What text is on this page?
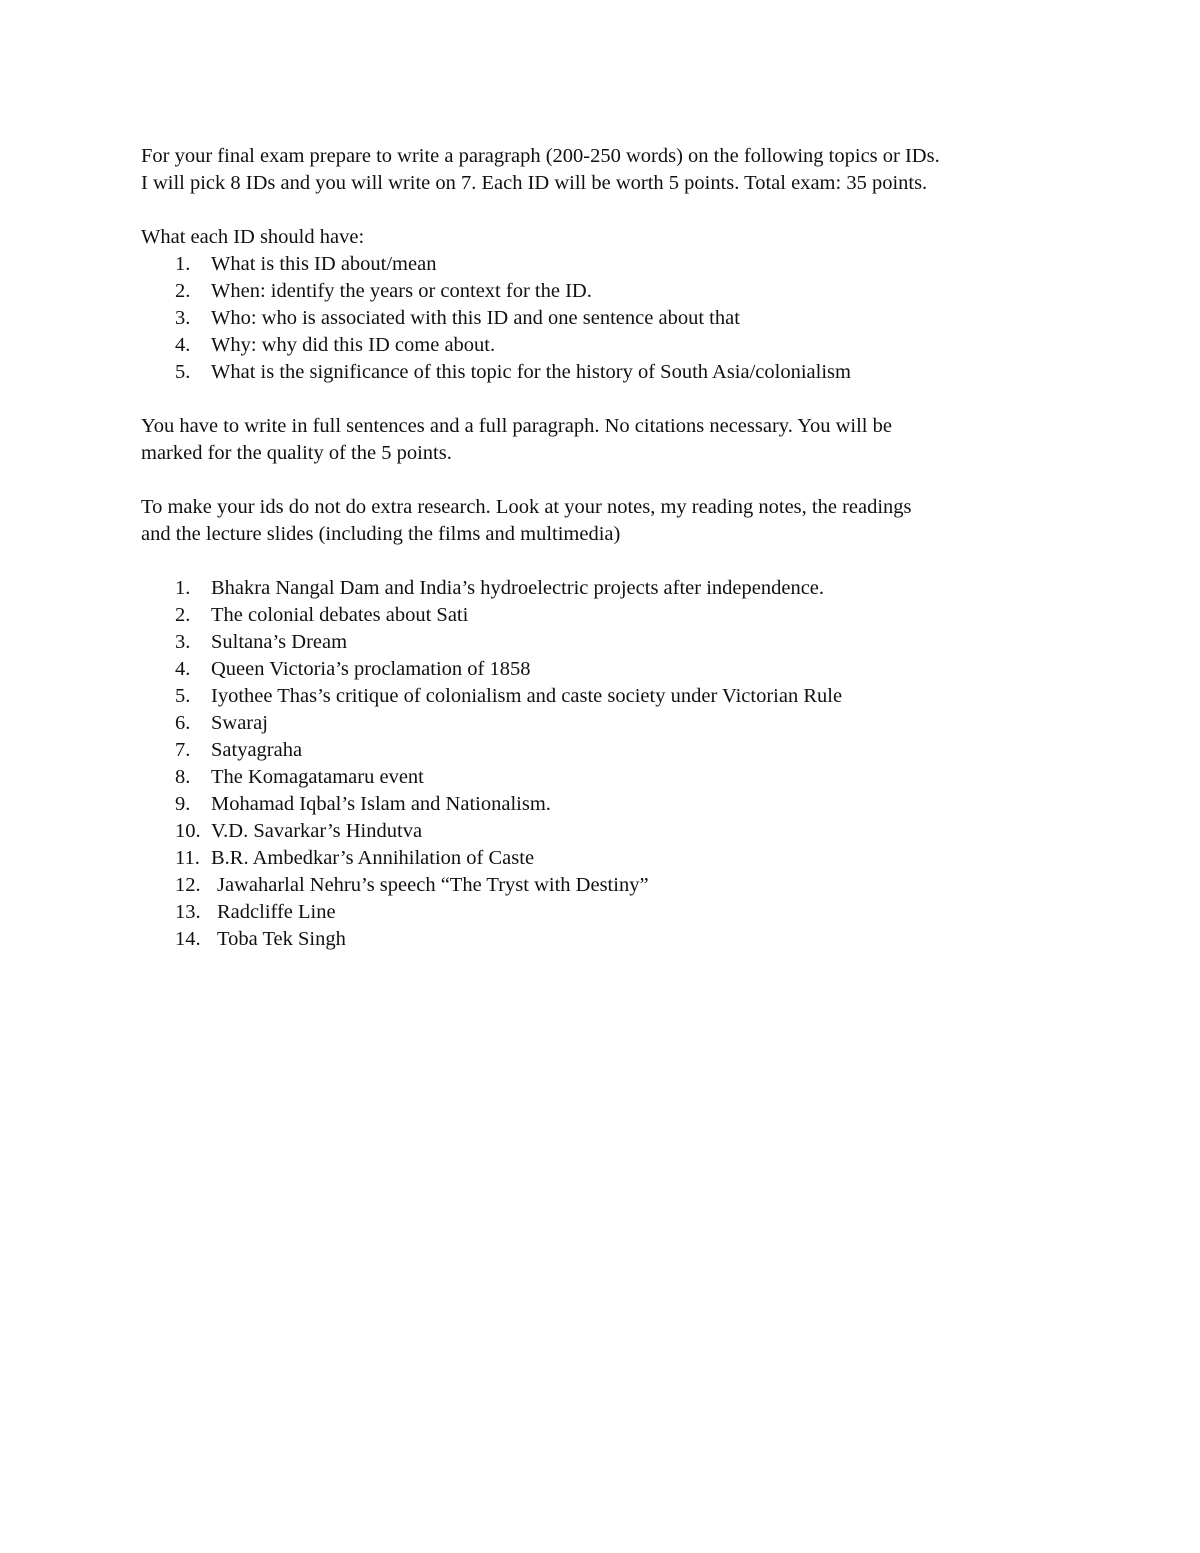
For your final exam prepare to write a paragraph (200-250 words) on the following topics or IDs.

I will pick 8 IDs and you will write on 7. Each ID will be worth 5 points. Total exam: 35 points.

What each ID should have:

1. What is this ID about/mean
2. When: identify the years or context for the ID.
3. Who: who is associated with this ID and one sentence about that
4. Why: why did this ID come about.
5. What is the significance of this topic for the history of South Asia/colonialism

You have to write in full sentences and a full paragraph. No citations necessary. You will be

marked for the quality of the 5 points.

To make your ids do not do extra research. Look at your notes, my reading notes, the readings

and the lecture slides (including the films and multimedia)

1. Bhakra Nangal Dam and India’s hydroelectric projects after independence.
2. The colonial debates about Sati
3. Sultana’s Dream
4. Queen Victoria’s proclamation of 1858
5. Iyothee Thas’s critique of colonialism and caste society under Victorian Rule
6. Swaraj
7. Satyagraha
8. The Komagatamaru event
9. Mohamad Iqbal’s Islam and Nationalism.
10. V.D. Savarkar’s Hindutva
11. B.R. Ambedkar’s Annihilation of Caste
12. Jawaharlal Nehru’s speech “The Tryst with Destiny”
13. Radcliffe Line
14. Toba Tek Singh
